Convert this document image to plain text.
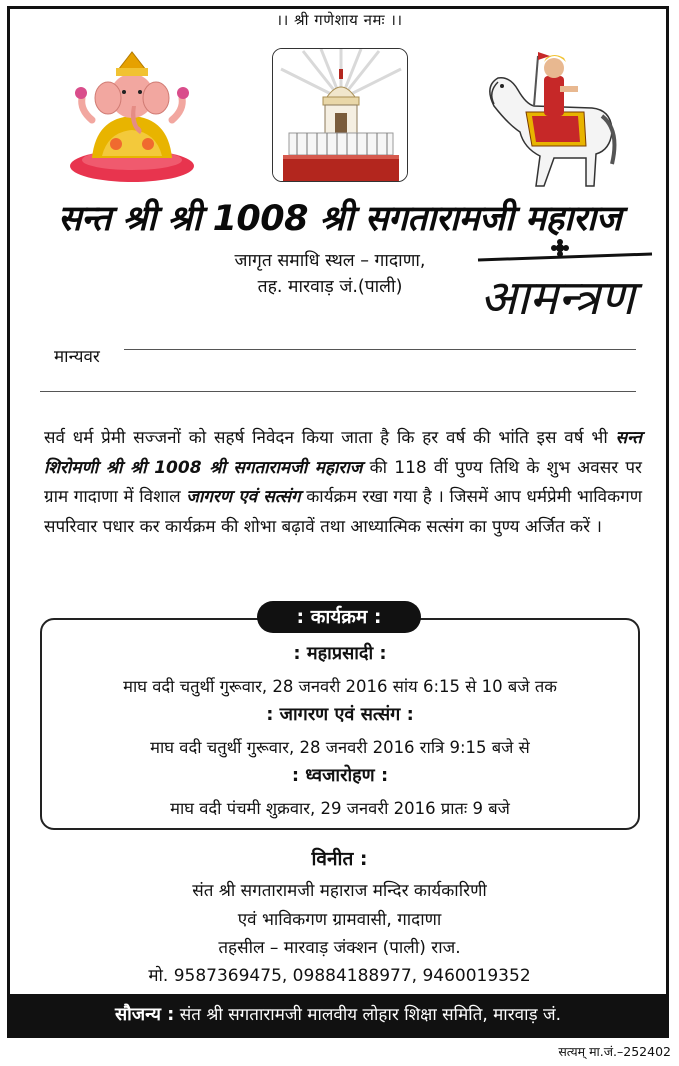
।। श्री गणेशाय नमः ।।
सन्त श्री श्री 1008 श्री सगतारामजी महाराज
जागृत समाधि स्थल – गादाणा,
तह. मारवाड़ जं.(पाली)	आमन्त्रण
मान्यवर

सर्व धर्म प्रेमी सज्जनों को सहर्ष निवेदन किया जाता है कि हर वर्ष की भांति इस वर्ष भी सन्त शिरोमणी श्री श्री 1008 श्री सगतारामजी महाराज की 118 वीं पुण्य तिथि के शुभ अवसर पर ग्राम गादाणा में विशाल जागरण एवं सत्संग कार्यक्रम रखा गया है । जिसमें आप धर्मप्रेमी भाविकगण सपरिवार पधार कर कार्यक्रम की शोभा बढ़ावें तथा आध्यात्मिक सत्संग का पुण्य अर्जित करें ।

: कार्यक्रम :
: महाप्रसादी :
माघ वदी चतुर्थी गुरूवार, 28 जनवरी 2016 सांय 6:15 से 10 बजे तक
: जागरण एवं सत्संग :
माघ वदी चतुर्थी गुरूवार, 28 जनवरी 2016 रात्रि 9:15 बजे से
: ध्वजारोहण :
माघ वदी पंचमी शुक्रवार, 29 जनवरी 2016 प्रातः 9 बजे
विनीत :
संत श्री सगतारामजी महाराज मन्दिर कार्यकारिणी
एवं भाविकगण ग्रामवासी, गादाणा
तहसील – मारवाड़ जंक्शन (पाली) राज.
मो. 9587369475, 09884188977, 9460019352
सौजन्य : संत श्री सगतारामजी मालवीय लोहार शिक्षा समिति, मारवाड़ जं.
सत्यम् मा.जं.–252402
